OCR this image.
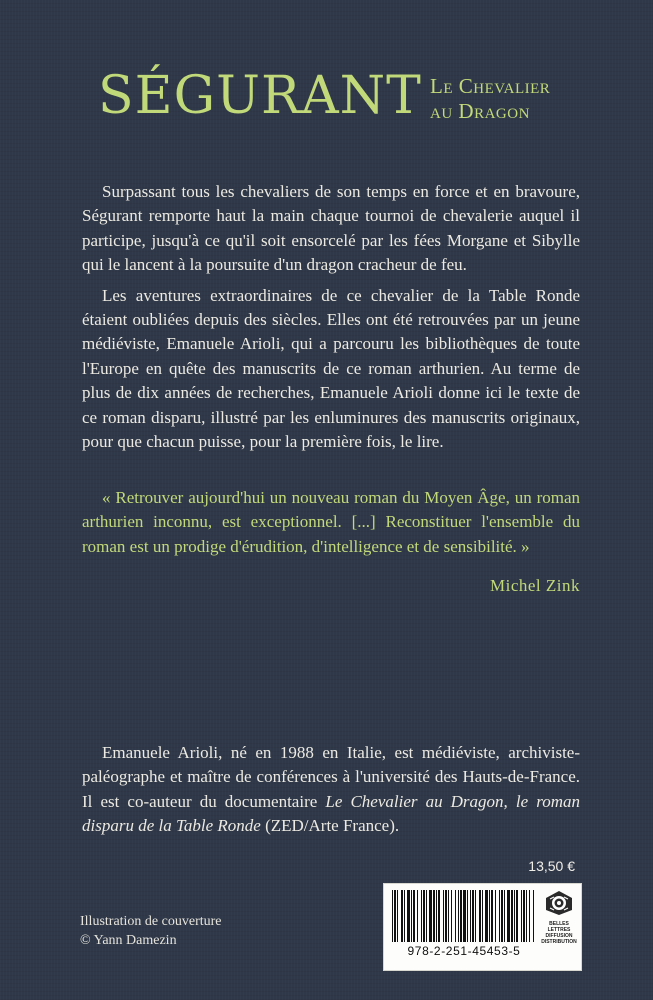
SÉGURANT Le Chevalier
au Dragon

Surpassant tous les chevaliers de son temps en force et en bravoure, Ségurant remporte haut la main chaque tournoi de chevalerie auquel il participe, jusqu'à ce qu'il soit ensorcelé par les fées Morgane et Sibylle qui le lancent à la poursuite d'un dragon cracheur de feu.

Les aventures extraordinaires de ce chevalier de la Table Ronde étaient oubliées depuis des siècles. Elles ont été retrouvées par un jeune médiéviste, Emanuele Arioli, qui a parcouru les bibliothèques de toute l'Europe en quête des manuscrits de ce roman arthurien. Au terme de plus de dix années de recherches, Emanuele Arioli donne ici le texte de ce roman disparu, illustré par les enluminures des manuscrits originaux, pour que chacun puisse, pour la première fois, le lire.

« Retrouver aujourd'hui un nouveau roman du Moyen Âge, un roman arthurien inconnu, est exceptionnel. [...] Reconstituer l'ensemble du roman est un prodige d'érudition, d'intelligence et de sensibilité. »

Michel Zink

Emanuele Arioli, né en 1988 en Italie, est médiéviste, archiviste-paléographe et maître de conférences à l'université des Hauts-de-France. Il est co-auteur du documentaire Le Chevalier au Dragon, le roman disparu de la Table Ronde (ZED/Arte France).

13,50 €
978-2-251-45453-5
BELLES LETTRES
DIFFUSION
DISTRIBUTION
Illustration de couverture
© Yann Damezin
